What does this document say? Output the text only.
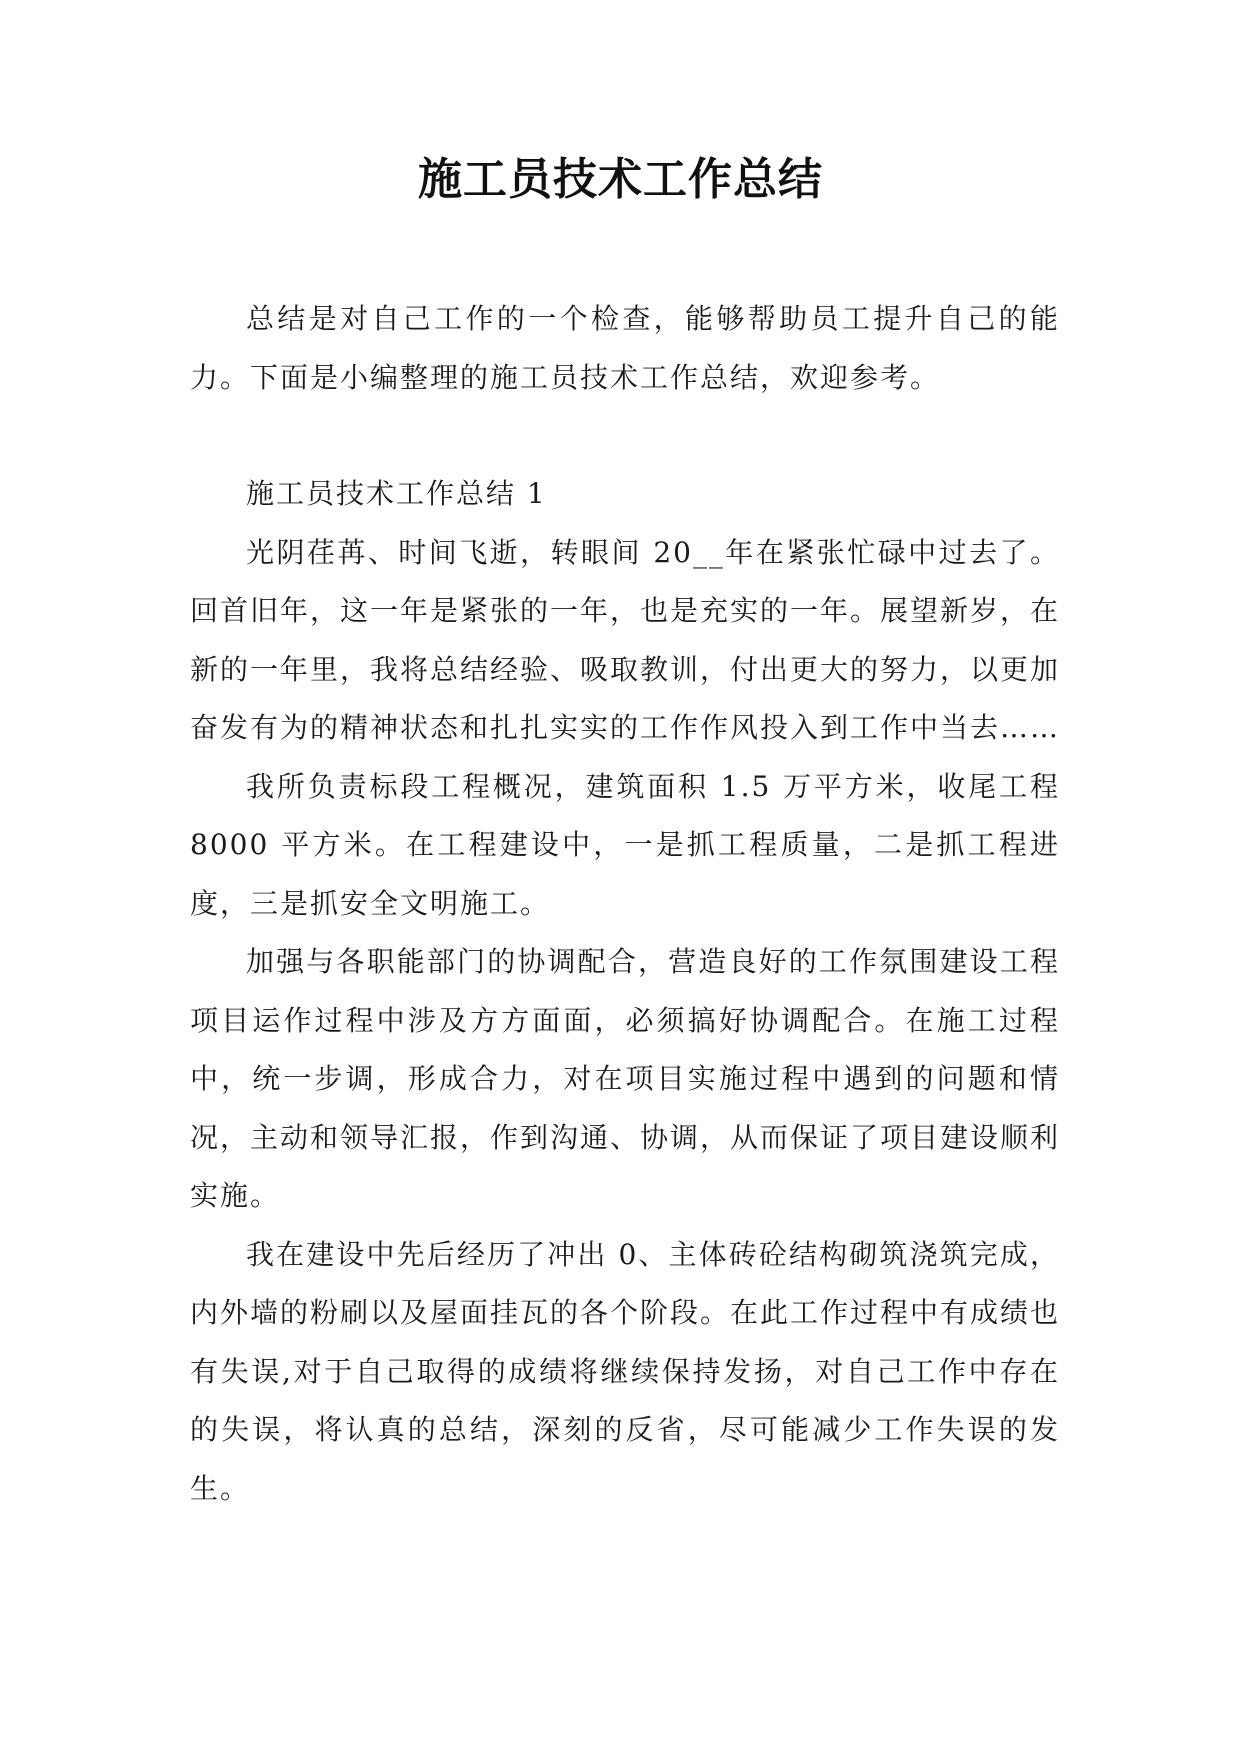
施工员技术工作总结

总结是对自己工作的一个检查，能够帮助员工提升自己的能力。下面是小编整理的施工员技术工作总结，欢迎参考。

施工员技术工作总结 1

光阴荏苒、时间飞逝，转眼间 20__年在紧张忙碌中过去了。回首旧年，这一年是紧张的一年，也是充实的一年。展望新岁，在新的一年里，我将总结经验、吸取教训，付出更大的努力，以更加奋发有为的精神状态和扎扎实实的工作作风投入到工作中当去……

我所负责标段工程概况，建筑面积 1.5 万平方米，收尾工程 8000 平方米。在工程建设中，一是抓工程质量，二是抓工程进度，三是抓安全文明施工。

加强与各职能部门的协调配合，营造良好的工作氛围建设工程项目运作过程中涉及方方面面，必须搞好协调配合。在施工过程中，统一步调，形成合力，对在项目实施过程中遇到的问题和情况，主动和领导汇报，作到沟通、协调，从而保证了项目建设顺利实施。

我在建设中先后经历了冲出 0、主体砖砼结构砌筑浇筑完成，内外墙的粉刷以及屋面挂瓦的各个阶段。在此工作过程中有成绩也有失误,对于自己取得的成绩将继续保持发扬，对自己工作中存在的失误，将认真的总结，深刻的反省，尽可能减少工作失误的发生。
